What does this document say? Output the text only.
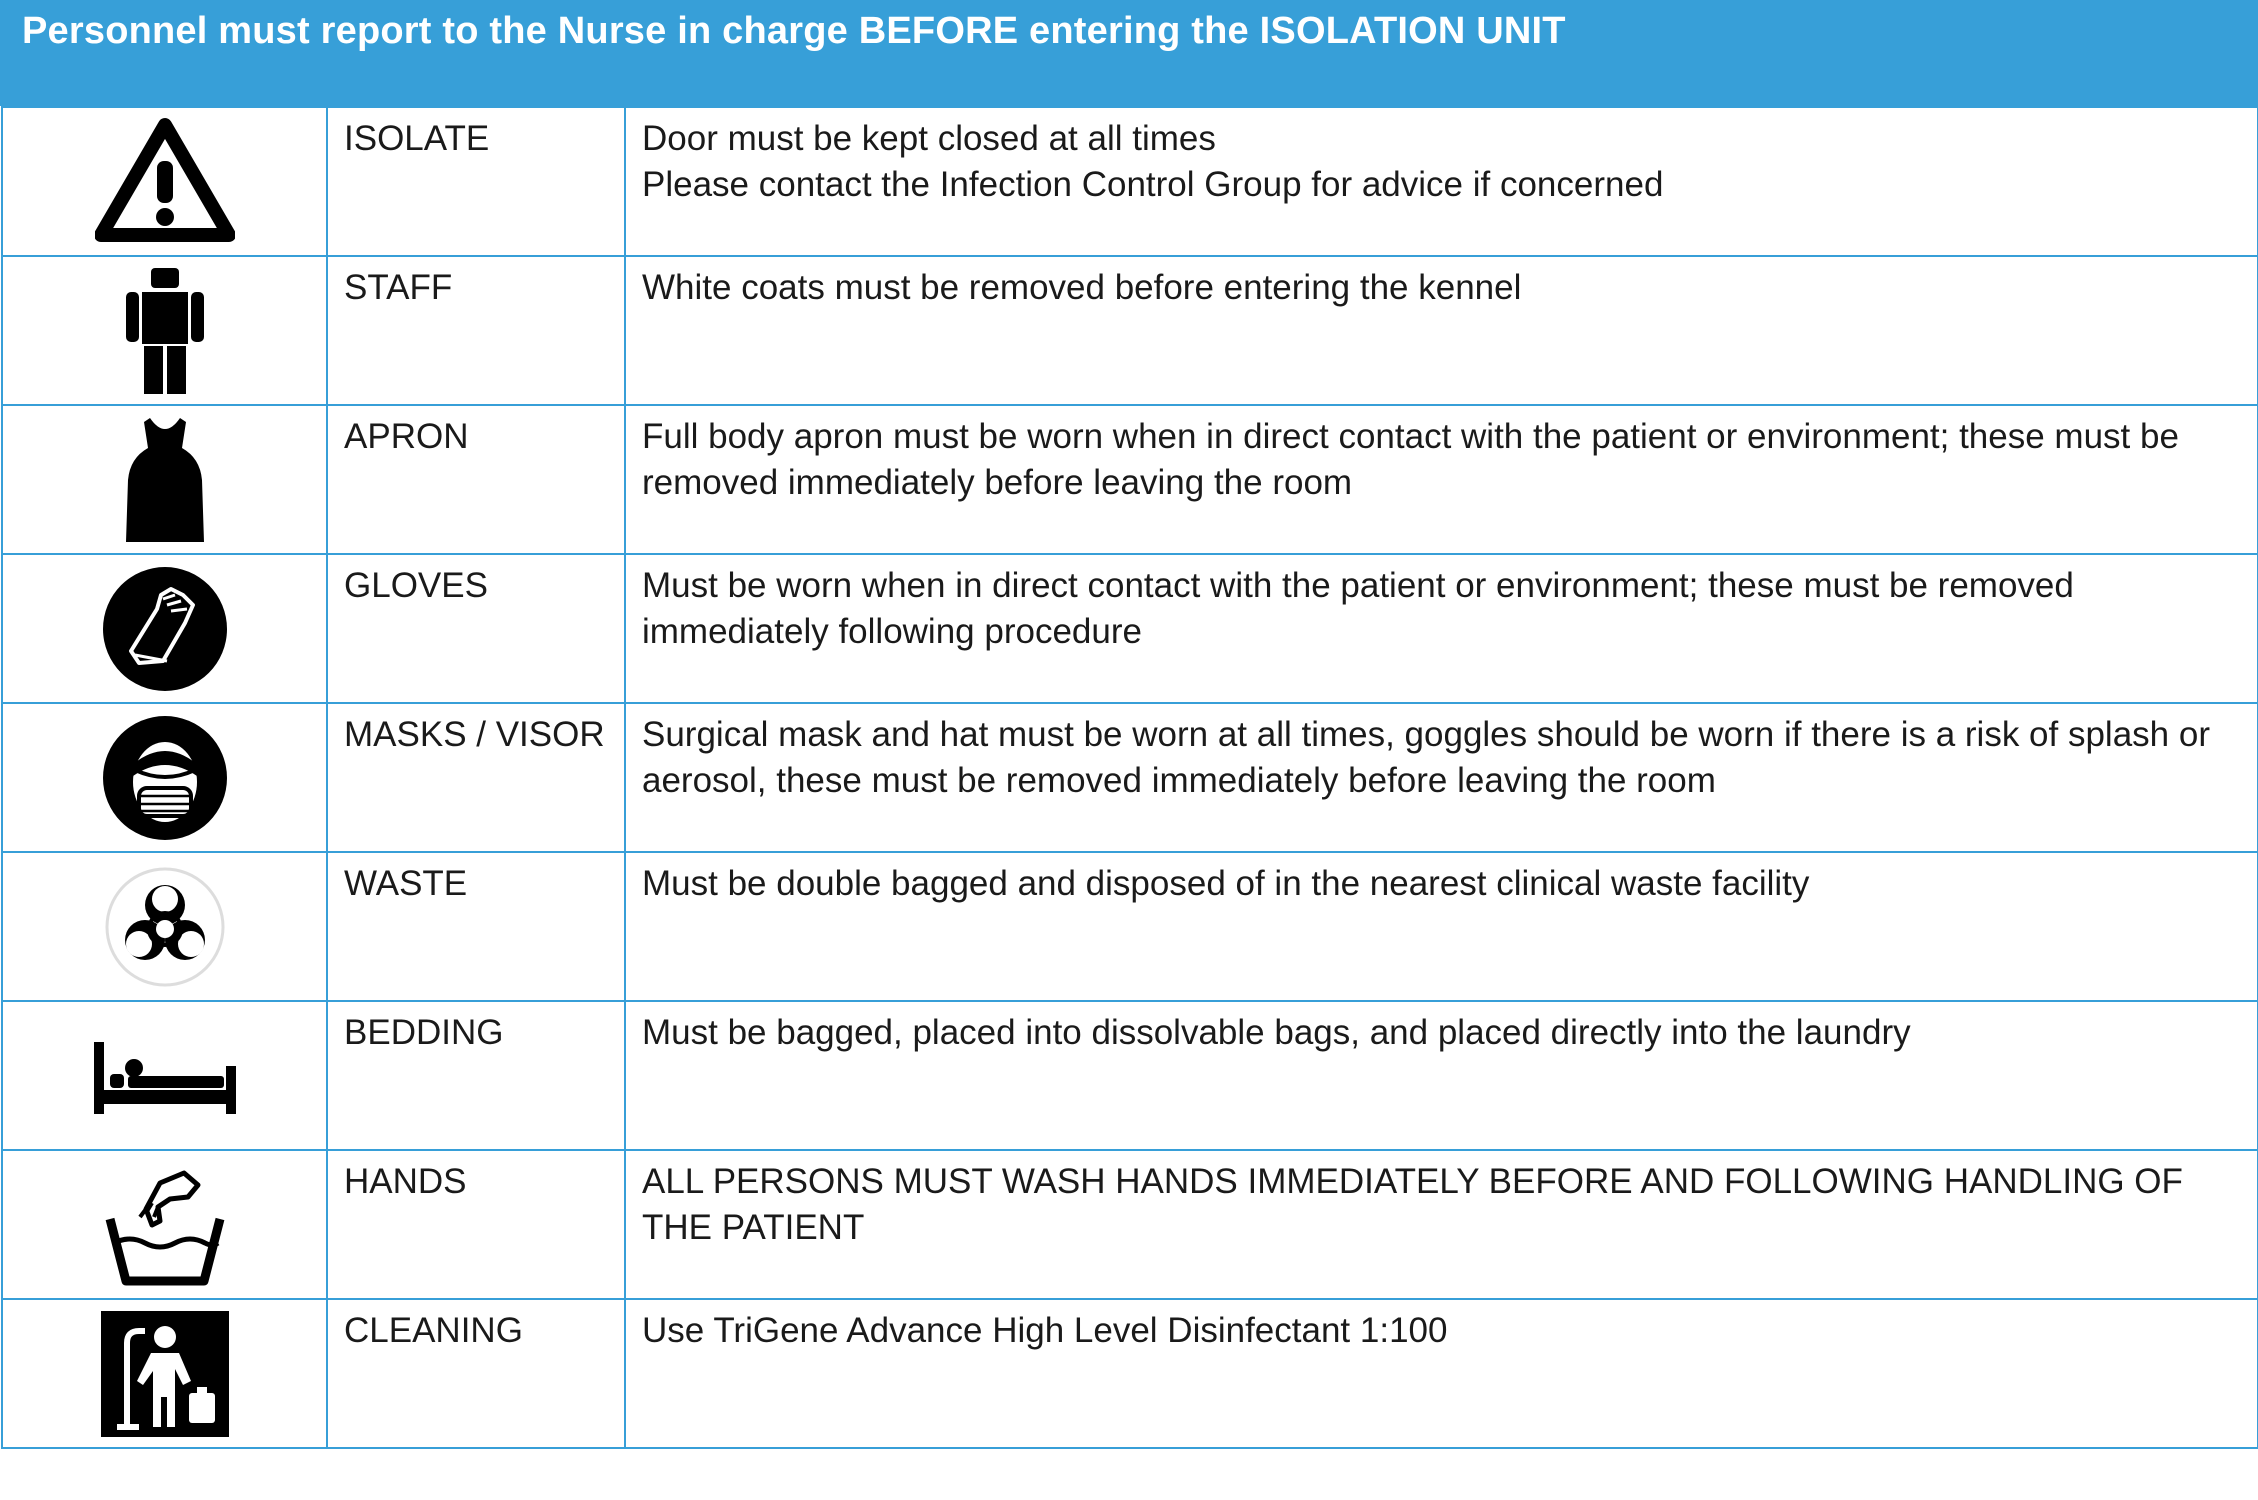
Personnel must report to the Nurse in charge BEFORE entering the ISOLATION UNIT
	ISOLATE	Door must be kept closed at all times
Please contact the Infection Control Group for advice if concerned

	STAFF	White coats must be removed before entering the kennel

	APRON	Full body apron must be worn when in direct contact with the patient or environment; these must be removed immediately before leaving the room

	GLOVES	Must be worn when in direct contact with the patient or environment; these must be removed immediately following procedure

	MASKS / VISOR	Surgical mask and hat must be worn at all times, goggles should be worn if there is a risk of splash or aerosol, these must be removed immediately before leaving the room

	WASTE	Must be double bagged and disposed of in the nearest clinical waste facility

	BEDDING	Must be bagged, placed into dissolvable bags, and placed directly into the laundry

	HANDS	ALL PERSONS MUST WASH HANDS IMMEDIATELY BEFORE AND FOLLOWING HANDLING OF THE PATIENT

	CLEANING	Use TriGene Advance High Level Disinfectant 1:100
